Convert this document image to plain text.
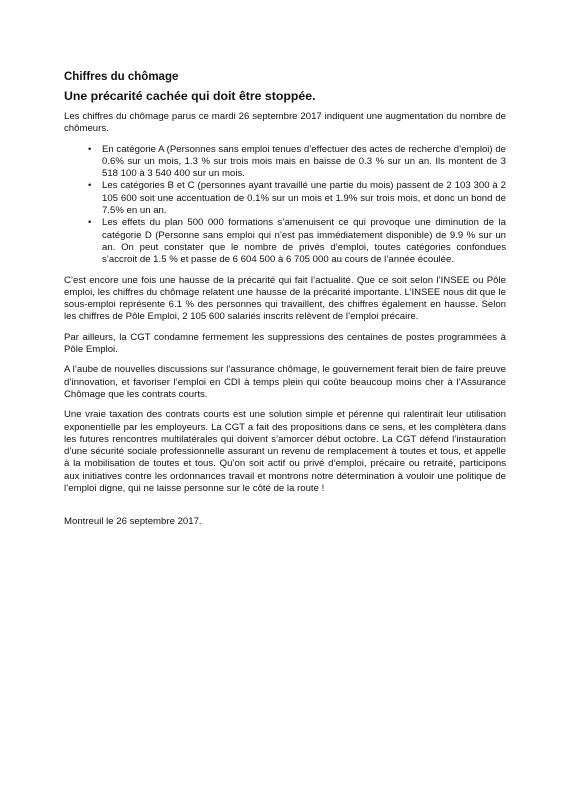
Chiffres du chômage
Une précarité cachée qui doit être stoppée.

Les chiffres du chômage parus ce mardi 26 septembre 2017 indiquent une augmentation du nombre de chômeurs.

• En catégorie A (Personnes sans emploi tenues d’effectuer des actes de recherche d’emploi) de 0.6% sur un mois, 1.3 % sur trois mois mais en baisse de 0.3 % sur un an. Ils montent de 3 518 100 à 3 540 400 sur un mois.
• Les catégories B et C (personnes ayant travaillé une partie du mois) passent de 2 103 300 à 2 105 600 soit une accentuation de 0.1% sur un mois et 1.9% sur trois mois, et donc un bond de 7.5% en un an.
• Les effets du plan 500 000 formations s’amenuisent ce qui provoque une diminution de la catégorie D (Personne sans emploi qui n’est pas immédiatement disponible) de 9.9 % sur un an. On peut constater que le nombre de privés d’emploi, toutes catégories confondues s’accroit de 1.5 % et passe de 6 604 500 à 6 705 000 au cours de l’année écoulée.

C’est encore une fois une hausse de la précarité qui fait l’actualité. Que ce soit selon l’INSEE ou Pôle emploi, les chiffres du chômage relatent une hausse de la précarité importante. L’INSEE nous dit que le sous-emploi représente 6.1 % des personnes qui travaillent, des chiffres également en hausse. Selon les chiffres de Pôle Emploi, 2 105 600 salariés inscrits relèvent de l’emploi précaire.

Par ailleurs, la CGT condamne fermement les suppressions des centaines de postes programmées à Pôle Emploi.

A l’aube de nouvelles discussions sur l’assurance chômage, le gouvernement ferait bien de faire preuve d’innovation, et favoriser l’emploi en CDI à temps plein qui coûte beaucoup moins cher à l’Assurance Chômage que les contrats courts.

Une vraie taxation des contrats courts est une solution simple et pérenne qui ralentirait leur utilisation exponentielle par les employeurs. La CGT a fait des propositions dans ce sens, et les complètera dans les futures rencontres multilatérales qui doivent s’amorcer début octobre. La CGT défend l’instauration d’une sécurité sociale professionnelle assurant un revenu de remplacement à toutes et tous, et appelle à la mobilisation de toutes et tous. Qu’on soit actif ou privé d’emploi, précaire ou retraité, participons aux initiatives contre les ordonnances travail et montrons notre détermination à vouloir une politique de l’emploi digne, qui ne laisse personne sur le côté de la route !

Montreuil le 26 septembre 2017.
